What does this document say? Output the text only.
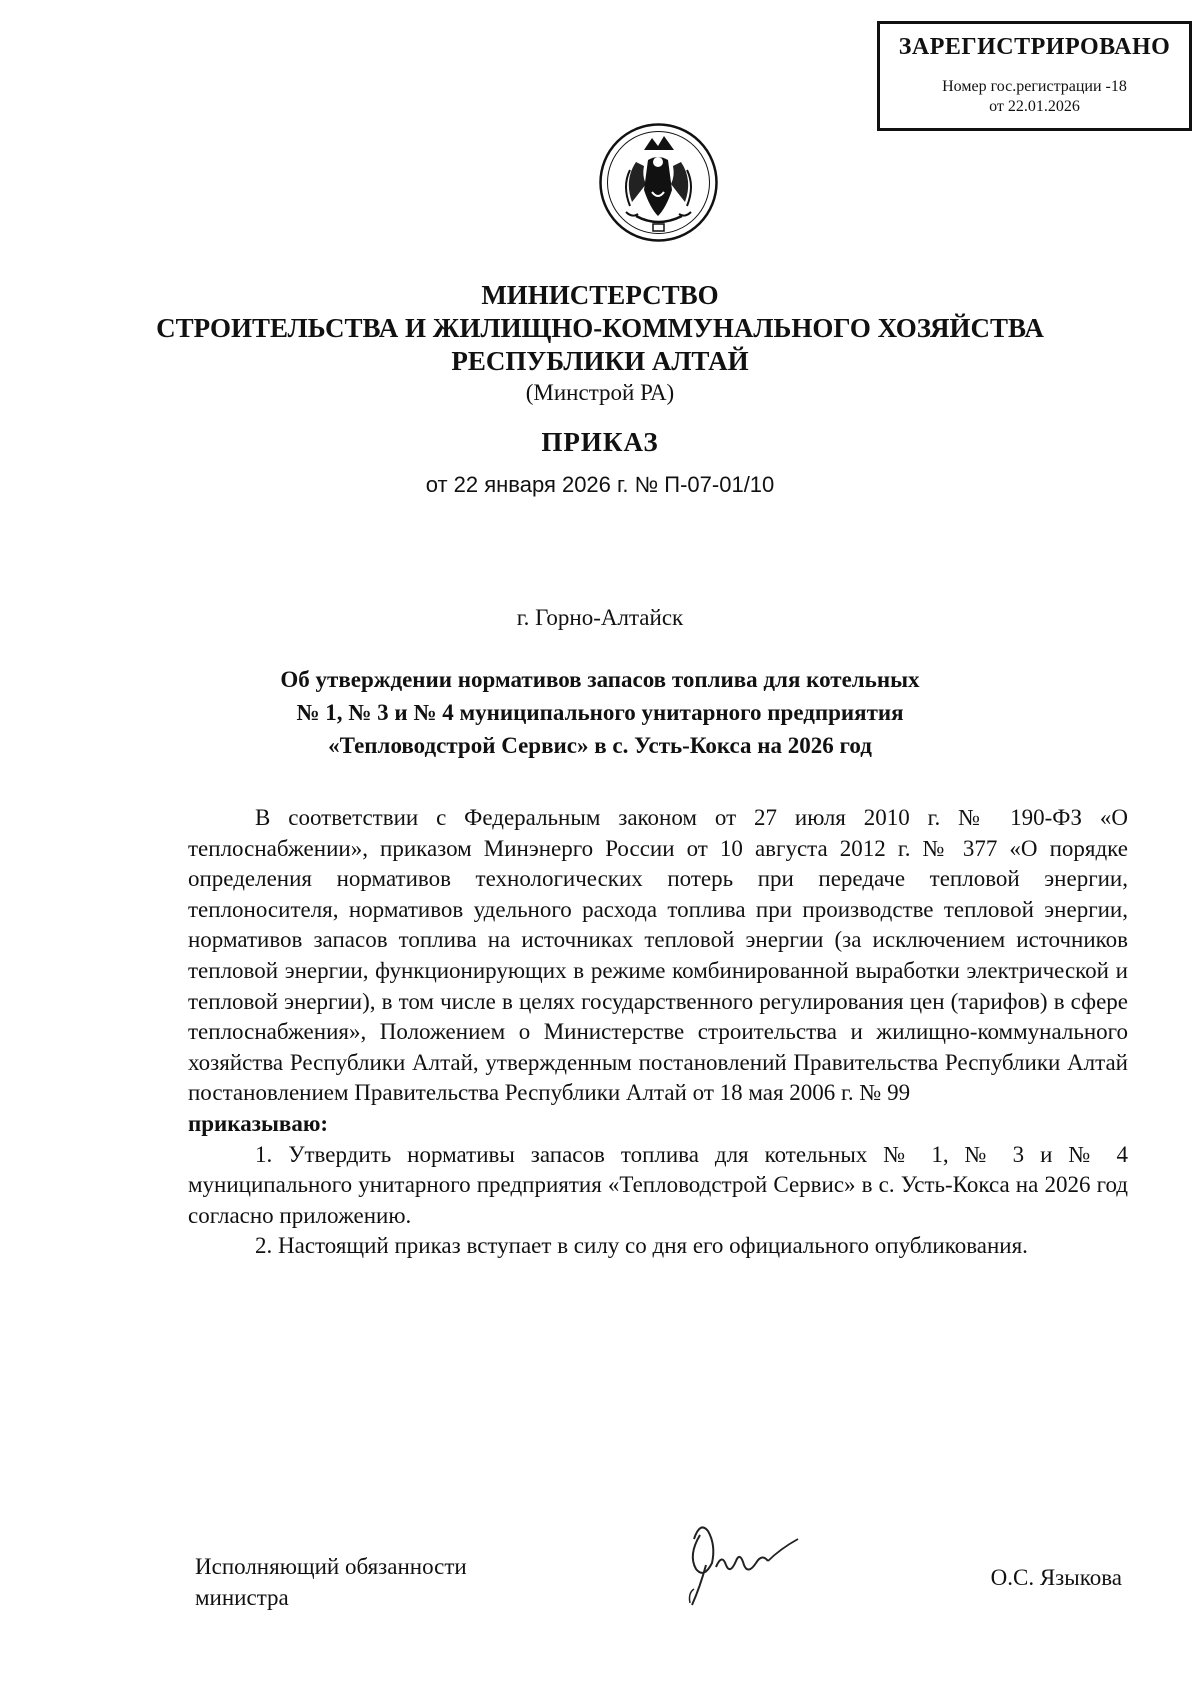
ЗАРЕГИСТРИРОВАНО
Номер гос.регистрации -18
от 22.01.2026
МИНИСТЕРСТВО
СТРОИТЕЛЬСТВА И ЖИЛИЩНО-КОММУНАЛЬНОГО ХОЗЯЙСТВА
РЕСПУБЛИКИ АЛТАЙ
(Минстрой РА)
ПРИКАЗ
от 22 января 2026 г. № П-07-01/10
г. Горно-Алтайск
Об утверждении нормативов запасов топлива для котельных
№ 1, № 3 и № 4 муниципального унитарного предприятия
«Тепловодстрой Сервис» в с. Усть-Кокса на 2026 год

В соответствии с Федеральным законом от 27 июля 2010 г. № 190-ФЗ «О теплоснабжении», приказом Минэнерго России от 10 августа 2012 г. № 377 «О порядке определения нормативов технологических потерь при передаче тепловой энергии, теплоносителя, нормативов удельного расхода топлива при производстве тепловой энергии, нормативов запасов топлива на источниках тепловой энергии (за исключением источников тепловой энергии, функционирующих в режиме комбинированной выработки электрической и тепловой энергии), в том числе в целях государственного регулирования цен (тарифов) в сфере теплоснабжения», Положением о Министерстве строительства и жилищно-коммунального хозяйства Республики Алтай, утвержденным постановлений Правительства Республики Алтай постановлением Правительства Республики Алтай от 18 мая 2006 г. № 99

приказываю:

1. Утвердить нормативы запасов топлива для котельных № 1, № 3 и № 4 муниципального унитарного предприятия «Тепловодстрой Сервис» в с. Усть-Кокса на 2026 год согласно приложению.

2. Настоящий приказ вступает в силу со дня его официального опубликования.

Исполняющий обязанности
министра
О.С. Языкова
